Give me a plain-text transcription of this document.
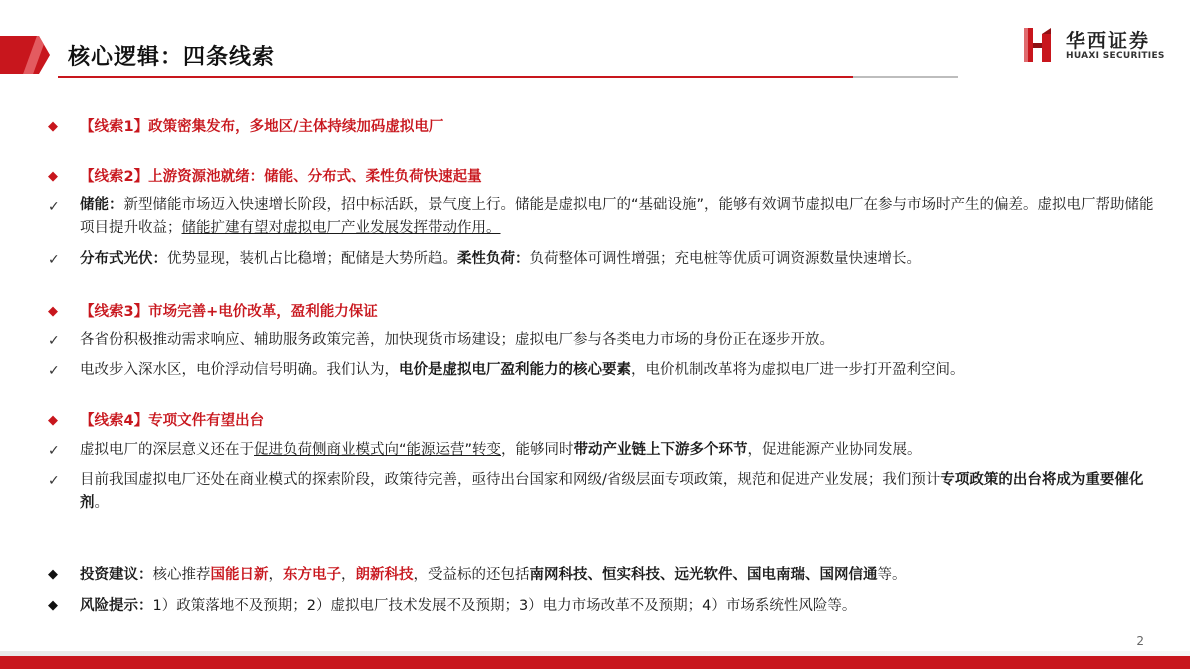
核心逻辑：四条线索
华西证券
HUAXI SECURITIES
◆	【线索1】政策密集发布，多地区/主体持续加码虚拟电厂
◆	【线索2】上游资源池就绪：储能、分布式、柔性负荷快速起量
✓	储能：新型储能市场迈入快速增长阶段，招中标活跃，景气度上行。储能是虚拟电厂的“基础设施”，能够有效调节虚拟电厂在参与市场时产生的偏差。虚拟电厂帮助储能项目提升收益；储能扩建有望对虚拟电厂产业发展发挥带动作用。
✓	分布式光伏：优势显现，装机占比稳增；配储是大势所趋。柔性负荷：负荷整体可调性增强；充电桩等优质可调资源数量快速增长。
◆	【线索3】市场完善+电价改革，盈利能力保证
✓	各省份积极推动需求响应、辅助服务政策完善，加快现货市场建设；虚拟电厂参与各类电力市场的身份正在逐步开放。
✓	电改步入深水区，电价浮动信号明确。我们认为，电价是虚拟电厂盈利能力的核心要素，电价机制改革将为虚拟电厂进一步打开盈利空间。
◆	【线索4】专项文件有望出台
✓	虚拟电厂的深层意义还在于促进负荷侧商业模式向“能源运营”转变，能够同时带动产业链上下游多个环节，促进能源产业协同发展。
✓	目前我国虚拟电厂还处在商业模式的探索阶段，政策待完善，亟待出台国家和网级/省级层面专项政策，规范和促进产业发展；我们预计专项政策的出台将成为重要催化剂。
◆	投资建议：核心推荐国能日新，东方电子，朗新科技，受益标的还包括南网科技、恒实科技、远光软件、国电南瑞、国网信通等。
◆	风险提示：1）政策落地不及预期；2）虚拟电厂技术发展不及预期；3）电力市场改革不及预期；4）市场系统性风险等。
2
